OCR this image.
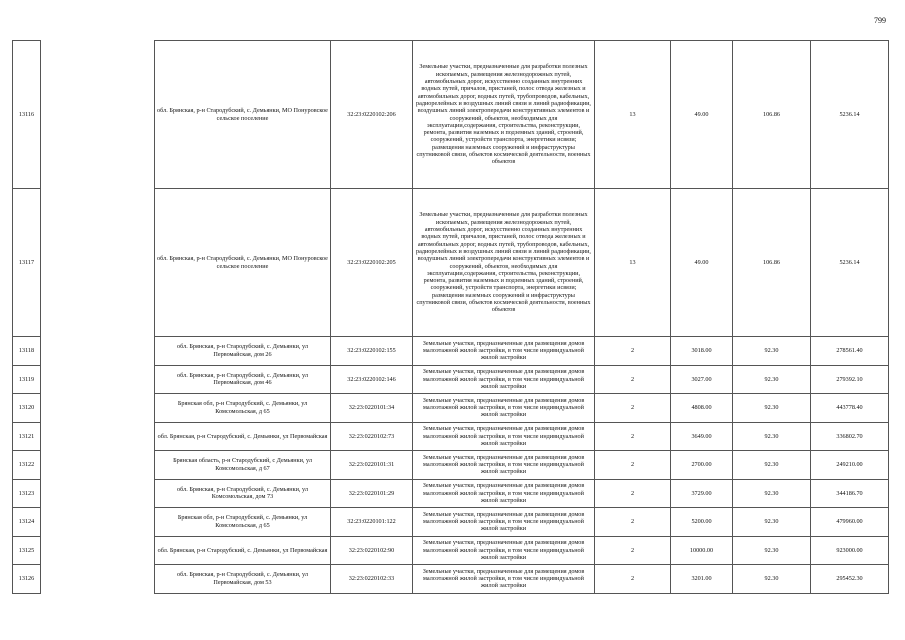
799
13116		обл. Брянская, р-н Стародубский, с. Демьянки, МО Понуровское сельское поселение	32:23:0220102:206	Земельные участки, предназначенные для разработки полезных ископаемых, размещения железнодорожных путей, автомобильных дорог, искусственно созданных внутренних водных путей, причалов, пристаней, полос отвода железных и автомобильных дорог, водных путей, трубопроводов, кабельных, радиорелейных и воздушных линий связи и линий радиофикации, воздушных линий электропередачи конструктивных элементов и сооружений, объектов, необходимых для эксплуатации,содержания, строительства, реконструкции, ремонта, развития наземных и подземных зданий, строений, сооружений, устройств транспорта, энергетики исвязи; размещения наземных сооружений и инфраструктуры спутниковой связи, объектов космической деятельности, военных объектов	13	49.00	106.86	5236.14
13117		обл. Брянская, р-н Стародубский, с. Демьянки, МО Понуровское сельское поселение	32:23:0220102:205	Земельные участки, предназначенные для разработки полезных ископаемых, размещения железнодорожных путей, автомобильных дорог, искусственно созданных внутренних водных путей, причалов, пристаней, полос отвода железных и автомобильных дорог, водных путей, трубопроводов, кабельных, радиорелейных и воздушных линий связи и линий радиофикации, воздушных линий электропередачи конструктивных элементов и сооружений, объектов, необходимых для эксплуатации,содержания, строительства, реконструкции, ремонта, развития наземных и подземных зданий, строений, сооружений, устройств транспорта, энергетики исвязи; размещения наземных сооружений и инфраструктуры спутниковой связи, объектов космической деятельности, военных объектов	13	49.00	106.86	5236.14
13118		обл. Брянская, р-н Стародубский, с. Демьянки, ул Первомайская, дом 26	32:23:0220102:155	Земельные участки, предназначенные для размещения домов малоэтажной жилой застройки, в том числе индивидуальной жилой застройки	2	3018.00	92.30	278561.40
13119		обл. Брянская, р-н Стародубский, с. Демьянки, ул Первомайская, дом 46	32:23:0220102:146	Земельные участки, предназначенные для размещения домов малоэтажной жилой застройки, в том числе индивидуальной жилой застройки	2	3027.00	92.30	279392.10
13120		Брянская обл, р-н Стародубский, с. Демьянки, ул Комсомольская, д 65	32:23:0220101:34	Земельные участки, предназначенные для размещения домов малоэтажной жилой застройки, в том числе индивидуальной жилой застройки	2	4808.00	92.30	443778.40
13121		обл. Брянская, р-н Стародубский, с. Демьянки, ул Первомайская	32:23:0220102:73	Земельные участки, предназначенные для размещения домов малоэтажной жилой застройки, в том числе индивидуальной жилой застройки	2	3649.00	92.30	336802.70
13122		Брянская область, р-н Стародубский, с Демьянки, ул Комсомольская, д 67	32:23:0220101:31	Земельные участки, предназначенные для размещения домов малоэтажной жилой застройки, в том числе индивидуальной жилой застройки	2	2700.00	92.30	249210.00
13123		обл. Брянская, р-н Стародубский, с. Демьянки, ул Комсомольская, дом 73	32:23:0220101:29	Земельные участки, предназначенные для размещения домов малоэтажной жилой застройки, в том числе индивидуальной жилой застройки	2	3729.00	92.30	344186.70
13124		Брянская обл, р-н Стародубский, с. Демьянки, ул Комсомольская, д 65	32:23:0220101:122	Земельные участки, предназначенные для размещения домов малоэтажной жилой застройки, в том числе индивидуальной жилой застройки	2	5200.00	92.30	479960.00
13125		обл. Брянская, р-н Стародубский, с. Демьянки, ул Первомайская	32:23:0220102:90	Земельные участки, предназначенные для размещения домов малоэтажной жилой застройки, в том числе индивидуальной жилой застройки	2	10000.00	92.30	923000.00
13126		обл. Брянская, р-н Стародубский, с. Демьянки, ул Первомайская, дом 53	32:23:0220102:33	Земельные участки, предназначенные для размещения домов малоэтажной жилой застройки, в том числе индивидуальной жилой застройки	2	3201.00	92.30	295452.30
